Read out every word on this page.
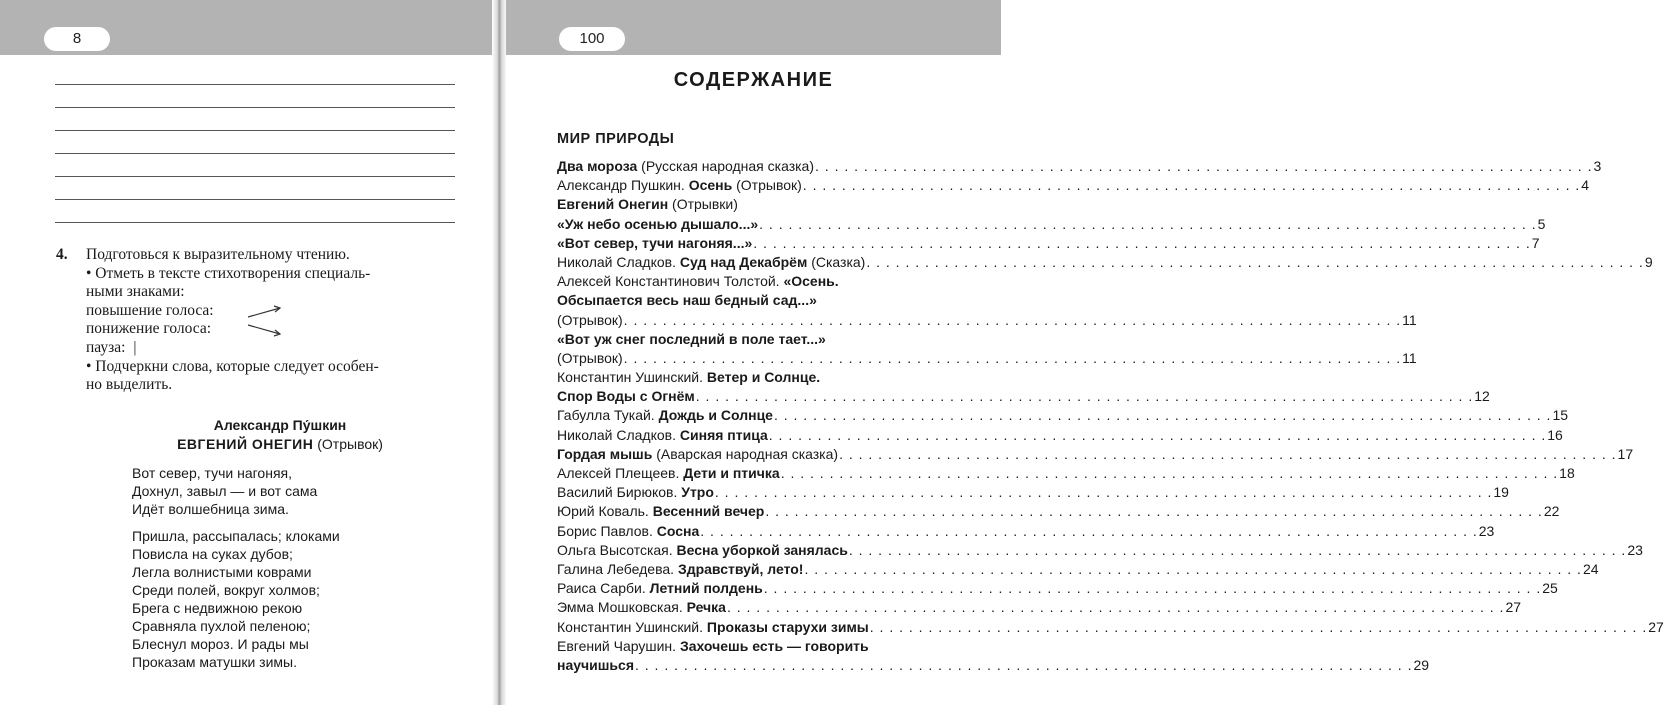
8
4. Подготовься к выразительному чтению.
• Отметь в тексте стихотворения специаль-
ными знаками:
повышение голоса:
понижение голоса:
пауза: |
• Подчеркни слова, которые следует особен-
но выделить.
Александр Пу́шкин
ЕВГЕНИЙ ОНЕГИН (Отрывок)
Вот север, тучи нагоняя,
Дохнул, завыл — и вот сама
Идёт волшебница зима.
Пришла, рассыпалась; клоками
Повисла на суках дубов;
Легла волнистыми коврами
Среди полей, вокруг холмов;
Брега с недвижною рекою
Сравняла пухлой пеленою;
Блеснул мороз. И рады мы
Проказам матушки зимы.
100
СОДЕРЖАНИЕ
МИР ПРИРОДЫ
Два мороза (Русская народная сказка) . . . . . . . . . . . . . . . . . . . . . . . . . . . . . . . . . . . . . . . . . . . . . . . . . . . . . . . . . . . . . . . . . . . . . . . . . . . . . . . . 3
Александр Пушкин. Осень (Отрывок) . . . . . . . . . . . . . . . . . . . . . . . . . . . . . . . . . . . . . . . . . . . . . . . . . . . . . . . . . . . . . . . . . . . . . . . . . . . . . . . . 4
Евгений Онегин (Отрывки)
«Уж небо осенью дышало...» . . . . . . . . . . . . . . . . . . . . . . . . . . . . . . . . . . . . . . . . . . . . . . . . . . . . . . . . . . . . . . . . . . . . . . . . . . . . . . . . 5
«Вот север, тучи нагоняя...» . . . . . . . . . . . . . . . . . . . . . . . . . . . . . . . . . . . . . . . . . . . . . . . . . . . . . . . . . . . . . . . . . . . . . . . . . . . . . . . . 7
Николай Сладков. Суд над Декабрём (Сказка) . . . . . . . . . . . . . . . . . . . . . . . . . . . . . . . . . . . . . . . . . . . . . . . . . . . . . . . . . . . . . . . . . . . . . . . . . . . . . . . . 9
Алексей Константинович Толстой. «Осень.
Обсыпается весь наш бедный сад...»
(Отрывок) . . . . . . . . . . . . . . . . . . . . . . . . . . . . . . . . . . . . . . . . . . . . . . . . . . . . . . . . . . . . . . . . . . . . . . . . . . . . . . . . 11
«Вот уж снег последний в поле тает...»
(Отрывок) . . . . . . . . . . . . . . . . . . . . . . . . . . . . . . . . . . . . . . . . . . . . . . . . . . . . . . . . . . . . . . . . . . . . . . . . . . . . . . . . 11
Константин Ушинский. Ветер и Солнце.
Спор Воды с Огнём . . . . . . . . . . . . . . . . . . . . . . . . . . . . . . . . . . . . . . . . . . . . . . . . . . . . . . . . . . . . . . . . . . . . . . . . . . . . . . . . 12
Габулла Тукай. Дождь и Солнце . . . . . . . . . . . . . . . . . . . . . . . . . . . . . . . . . . . . . . . . . . . . . . . . . . . . . . . . . . . . . . . . . . . . . . . . . . . . . . . . 15
Николай Сладков. Синяя птица . . . . . . . . . . . . . . . . . . . . . . . . . . . . . . . . . . . . . . . . . . . . . . . . . . . . . . . . . . . . . . . . . . . . . . . . . . . . . . . . 16
Гордая мышь (Аварская народная сказка) . . . . . . . . . . . . . . . . . . . . . . . . . . . . . . . . . . . . . . . . . . . . . . . . . . . . . . . . . . . . . . . . . . . . . . . . . . . . . . . . 17
Алексей Плещеев. Дети и птичка . . . . . . . . . . . . . . . . . . . . . . . . . . . . . . . . . . . . . . . . . . . . . . . . . . . . . . . . . . . . . . . . . . . . . . . . . . . . . . . . 18
Василий Бирюков. Утро . . . . . . . . . . . . . . . . . . . . . . . . . . . . . . . . . . . . . . . . . . . . . . . . . . . . . . . . . . . . . . . . . . . . . . . . . . . . . . . . 19
Юрий Коваль. Весенний вечер . . . . . . . . . . . . . . . . . . . . . . . . . . . . . . . . . . . . . . . . . . . . . . . . . . . . . . . . . . . . . . . . . . . . . . . . . . . . . . . . 22
Борис Павлов. Сосна . . . . . . . . . . . . . . . . . . . . . . . . . . . . . . . . . . . . . . . . . . . . . . . . . . . . . . . . . . . . . . . . . . . . . . . . . . . . . . . . 23
Ольга Высотская. Весна уборкой занялась . . . . . . . . . . . . . . . . . . . . . . . . . . . . . . . . . . . . . . . . . . . . . . . . . . . . . . . . . . . . . . . . . . . . . . . . . . . . . . . . 23
Галина Лебедева. Здравствуй, лето! . . . . . . . . . . . . . . . . . . . . . . . . . . . . . . . . . . . . . . . . . . . . . . . . . . . . . . . . . . . . . . . . . . . . . . . . . . . . . . . . 24
Раиса Сарби. Летний полдень . . . . . . . . . . . . . . . . . . . . . . . . . . . . . . . . . . . . . . . . . . . . . . . . . . . . . . . . . . . . . . . . . . . . . . . . . . . . . . . . 25
Эмма Мошковская. Речка . . . . . . . . . . . . . . . . . . . . . . . . . . . . . . . . . . . . . . . . . . . . . . . . . . . . . . . . . . . . . . . . . . . . . . . . . . . . . . . . 27
Константин Ушинский. Проказы старухи зимы . . . . . . . . . . . . . . . . . . . . . . . . . . . . . . . . . . . . . . . . . . . . . . . . . . . . . . . . . . . . . . . . . . . . . . . . . . . . . . . . 27
Евгений Чарушин. Захочешь есть — говорить
научишься . . . . . . . . . . . . . . . . . . . . . . . . . . . . . . . . . . . . . . . . . . . . . . . . . . . . . . . . . . . . . . . . . . . . . . . . . . . . . . . . 29
